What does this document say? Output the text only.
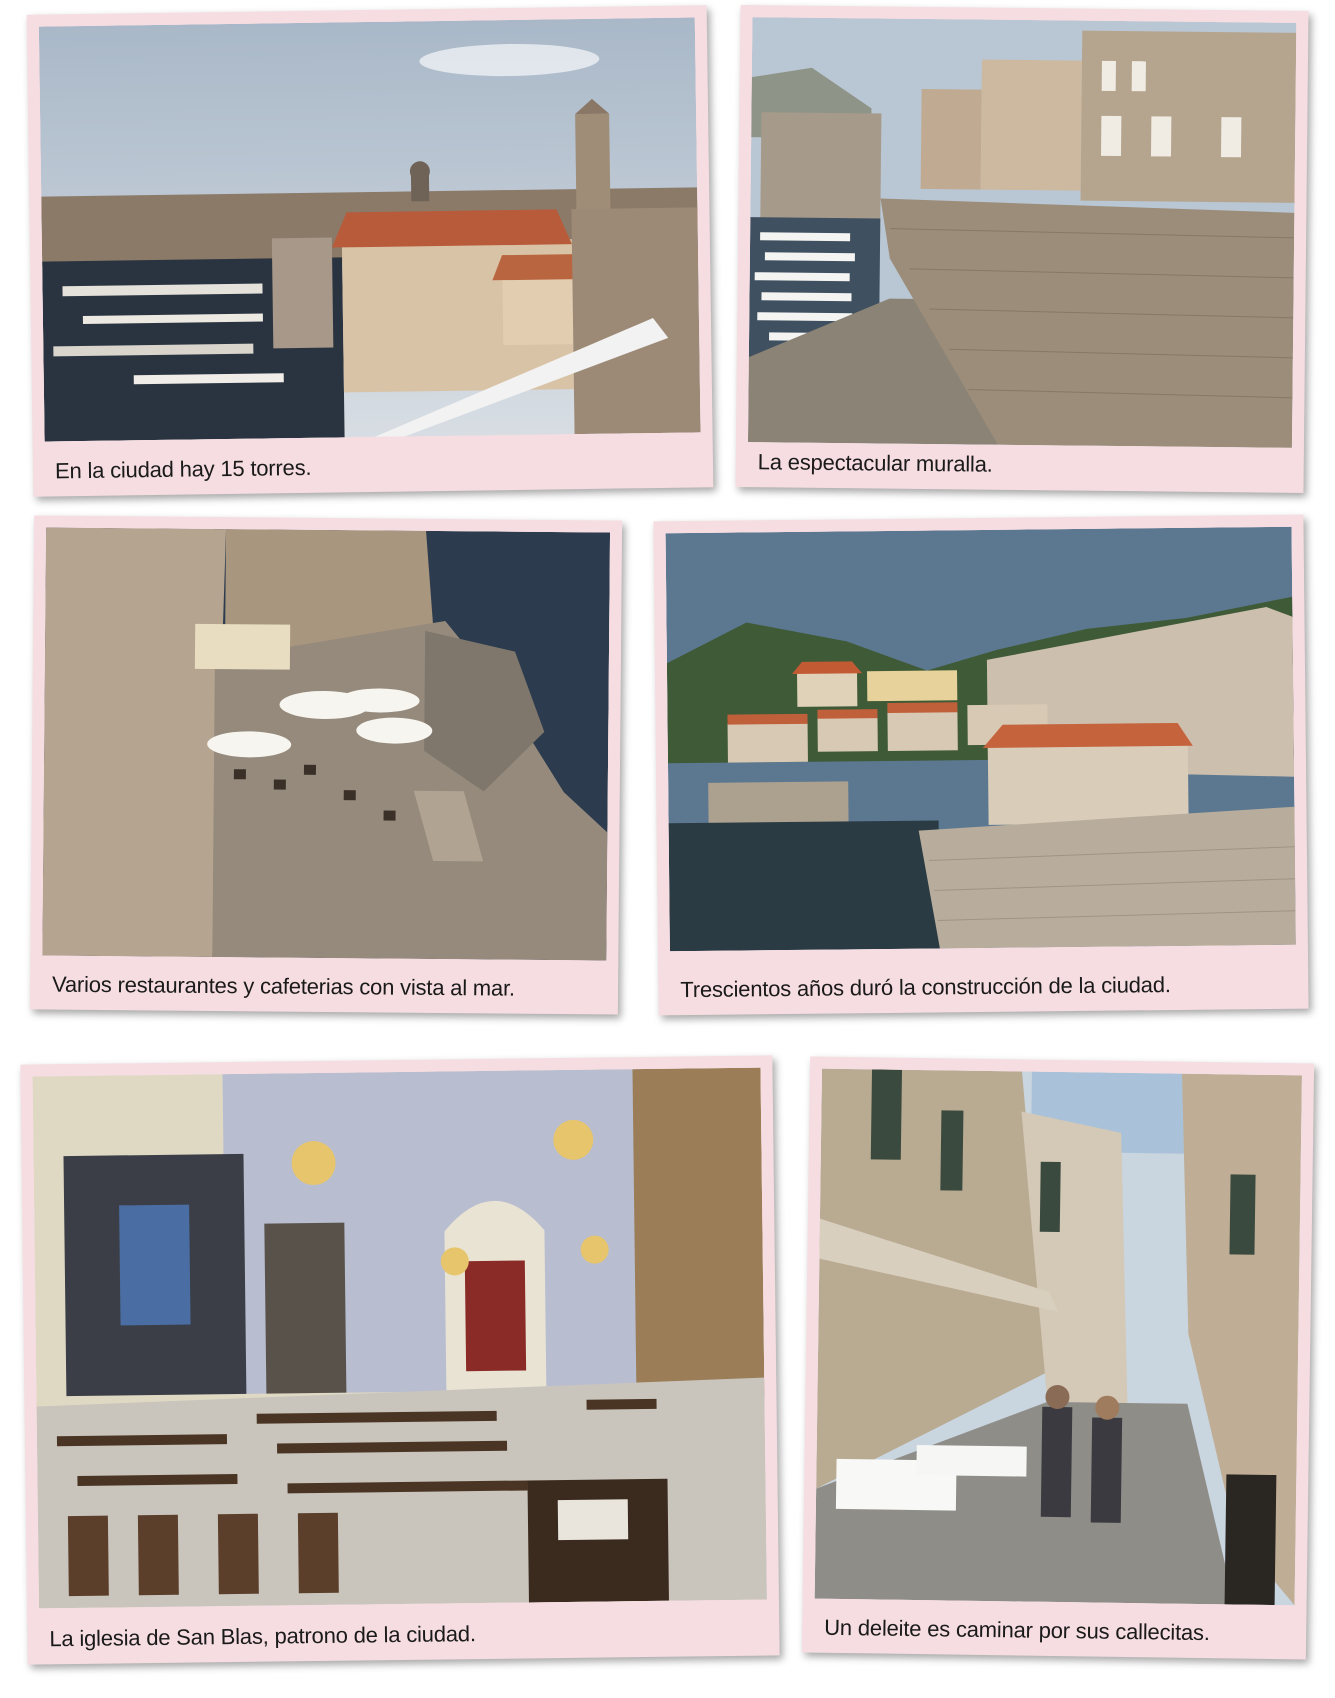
En la ciudad hay 15 torres.	La espectacular muralla.
Varios restaurantes y cafeterias con vista al mar.	Trescientos años duró la construcción de la ciudad.
La iglesia de San Blas, patrono de la ciudad.	Un deleite es caminar por sus callecitas.
